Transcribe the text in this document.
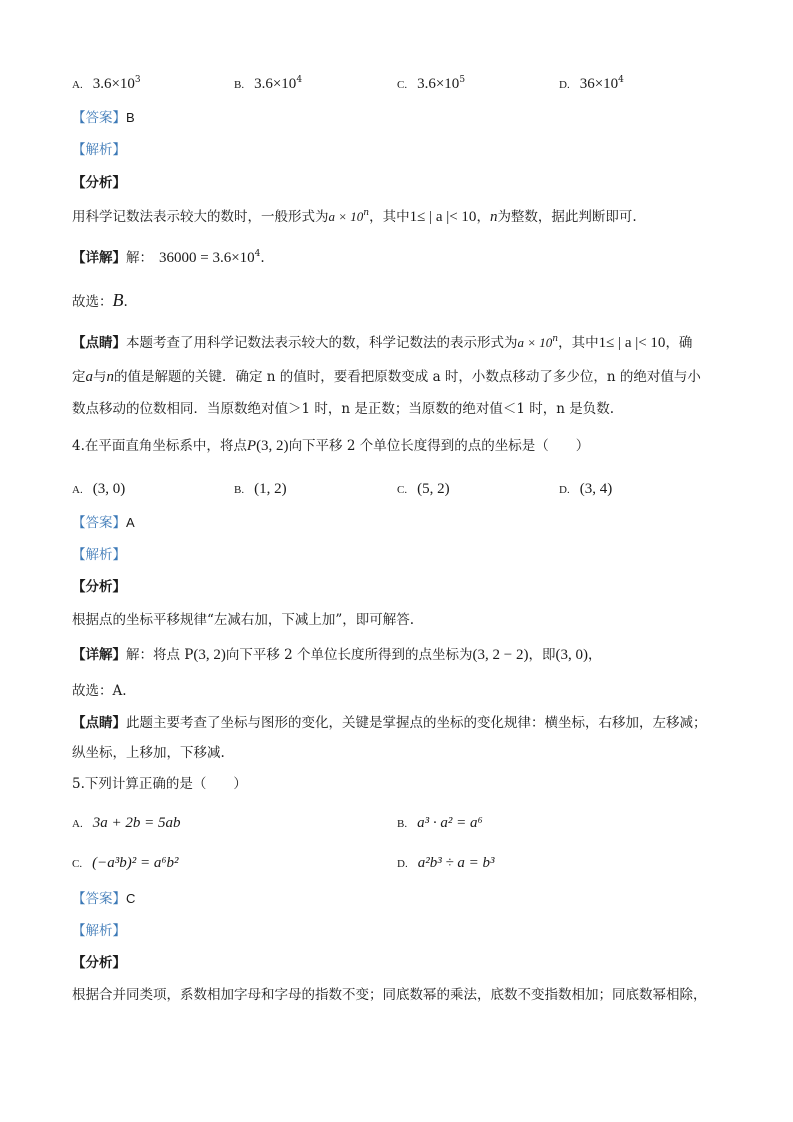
A. $3.6\times 10^3$	B. $3.6\times 10^4$	C. $3.6\times 10^5$	D. $36\times 10^4$
【答案】B
【解析】
【分析】
用科学记数法表示较大的数时，一般形式为$a \times 10^n$，其中1≤ | a |< 10，n为整数，据此判断即可.
【详解】解： $36000 = 3.6\times 10^4$.
故选：B.
【点睛】本题考查了用科学记数法表示较大的数，科学记数法的表示形式为$a \times 10^n$，其中1≤ | a |< 10，确
定a与n的值是解题的关键．确定 n 的值时，要看把原数变成 a 时，小数点移动了多少位，n 的绝对值与小
数点移动的位数相同．当原数绝对值＞1 时，n 是正数；当原数的绝对值＜1 时，n 是负数.
4.在平面直角坐标系中，将点P(3, 2)向下平移 2 个单位长度得到的点的坐标是（　　）
A. (3, 0)	B. (1, 2)	C. (5, 2)	D. (3, 4)
【答案】A
【解析】
【分析】
根据点的坐标平移规律“左减右加，下减上加”，即可解答.
【详解】解：将点 P(3, 2)向下平移 2 个单位长度所得到的点坐标为(3, 2 − 2)，即(3, 0)，
故选：A.
【点睛】此题主要考查了坐标与图形的变化，关键是掌握点的坐标的变化规律：横坐标，右移加，左移减；
纵坐标，上移加，下移减.
5.下列计算正确的是（　　）
A. 3a + 2b = 5ab	B. a³ · a² = a⁶
C. (−a³b)² = a⁶b²	D. a²b³ ÷ a = b³
【答案】C
【解析】
【分析】
根据合并同类项，系数相加字母和字母的指数不变；同底数幂的乘法，底数不变指数相加；同底数幂相除，
